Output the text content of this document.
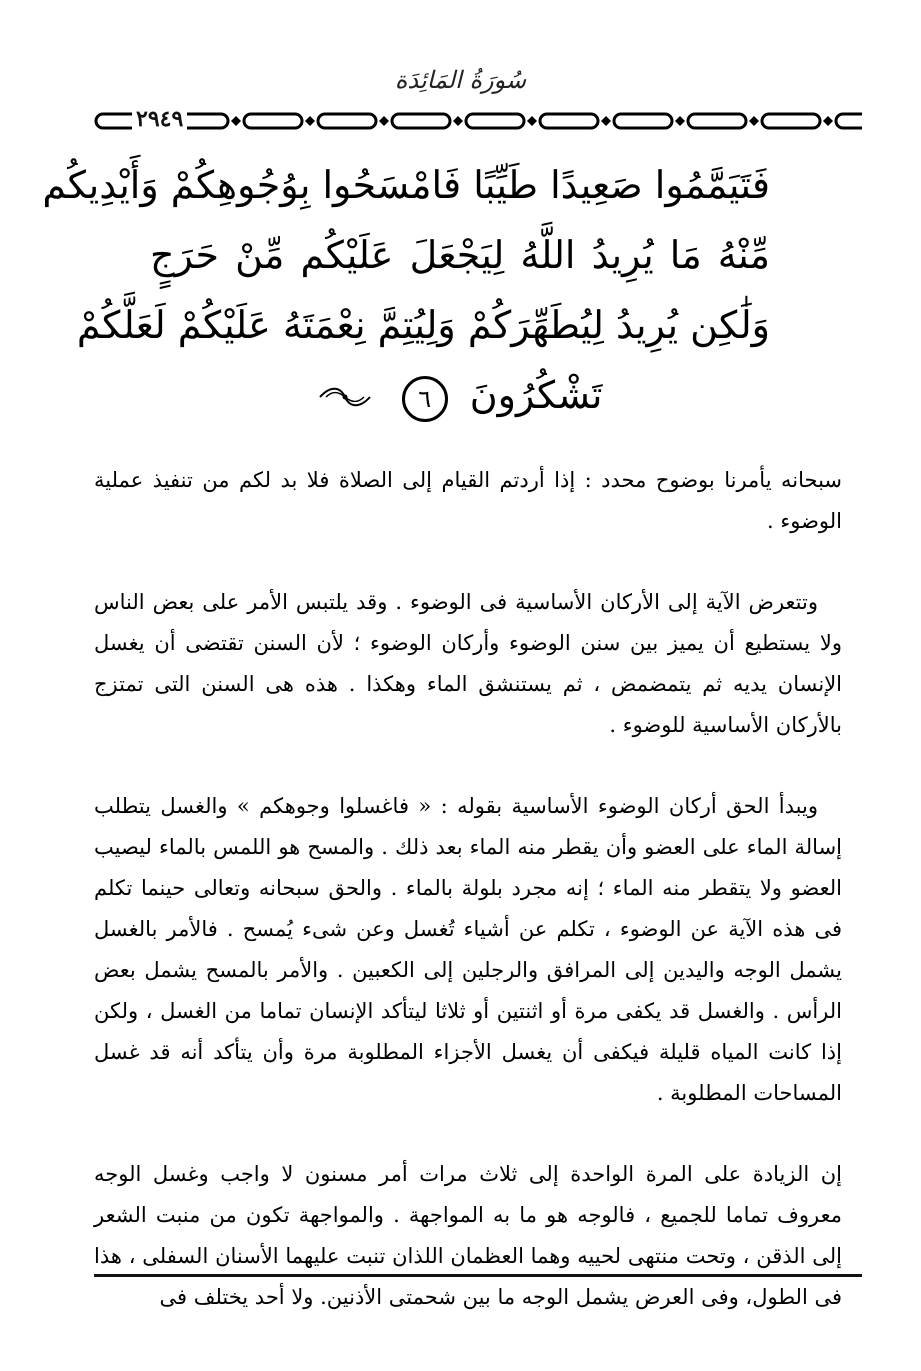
سُورَةُ المَائِدَة
٢٩٤٩
فَتَيَمَّمُوا صَعِيدًا طَيِّبًا فَامْسَحُوا بِوُجُوهِكُمْ وَأَيْدِيكُم
مِّنْهُ مَا يُرِيدُ اللَّهُ لِيَجْعَلَ عَلَيْكُم مِّنْ حَرَجٍ
وَلَٰكِن يُرِيدُ لِيُطَهِّرَكُمْ وَلِيُتِمَّ نِعْمَتَهُ عَلَيْكُمْ لَعَلَّكُمْ
تَشْكُرُونَ ٦

سبحانه يأمرنا بوضوح محدد : إذا أردتم القيام إلى الصلاة فلا بد لكم من تنفيذ عملية الوضوء .

وتتعرض الآية إلى الأركان الأساسية فى الوضوء . وقد يلتبس الأمر على بعض الناس ولا يستطيع أن يميز بين سنن الوضوء وأركان الوضوء ؛ لأن السنن تقتضى أن يغسل الإنسان يديه ثم يتمضمض ، ثم يستنشق الماء وهكذا . هذه هى السنن التى تمتزج بالأركان الأساسية للوضوء .

ويبدأ الحق أركان الوضوء الأساسية بقوله : « فاغسلوا وجوهكم » والغسل يتطلب إسالة الماء على العضو وأن يقطر منه الماء بعد ذلك . والمسح هو اللمس بالماء ليصيب العضو ولا يتقطر منه الماء ؛ إنه مجرد بلولة بالماء . والحق سبحانه وتعالى حينما تكلم فى هذه الآية عن الوضوء ، تكلم عن أشياء تُغسل وعن شىء يُمسح . فالأمر بالغسل يشمل الوجه واليدين إلى المرافق والرجلين إلى الكعبين . والأمر بالمسح يشمل بعض الرأس . والغسل قد يكفى مرة أو اثنتين أو ثلاثا ليتأكد الإنسان تماما من الغسل ، ولكن إذا كانت المياه قليلة فيكفى أن يغسل الأجزاء المطلوبة مرة وأن يتأكد أنه قد غسل المساحات المطلوبة .

إن الزيادة على المرة الواحدة إلى ثلاث مرات أمر مسنون لا واجب وغسل الوجه معروف تماما للجميع ، فالوجه هو ما به المواجهة . والمواجهة تكون من منبت الشعر إلى الذقن ، وتحت منتهى لحييه وهما العظمان اللذان تنبت عليهما الأسنان السفلى ، هذا فى الطول، وفى العرض يشمل الوجه ما بين شحمتى الأذنين. ولا أحد يختلف فى
